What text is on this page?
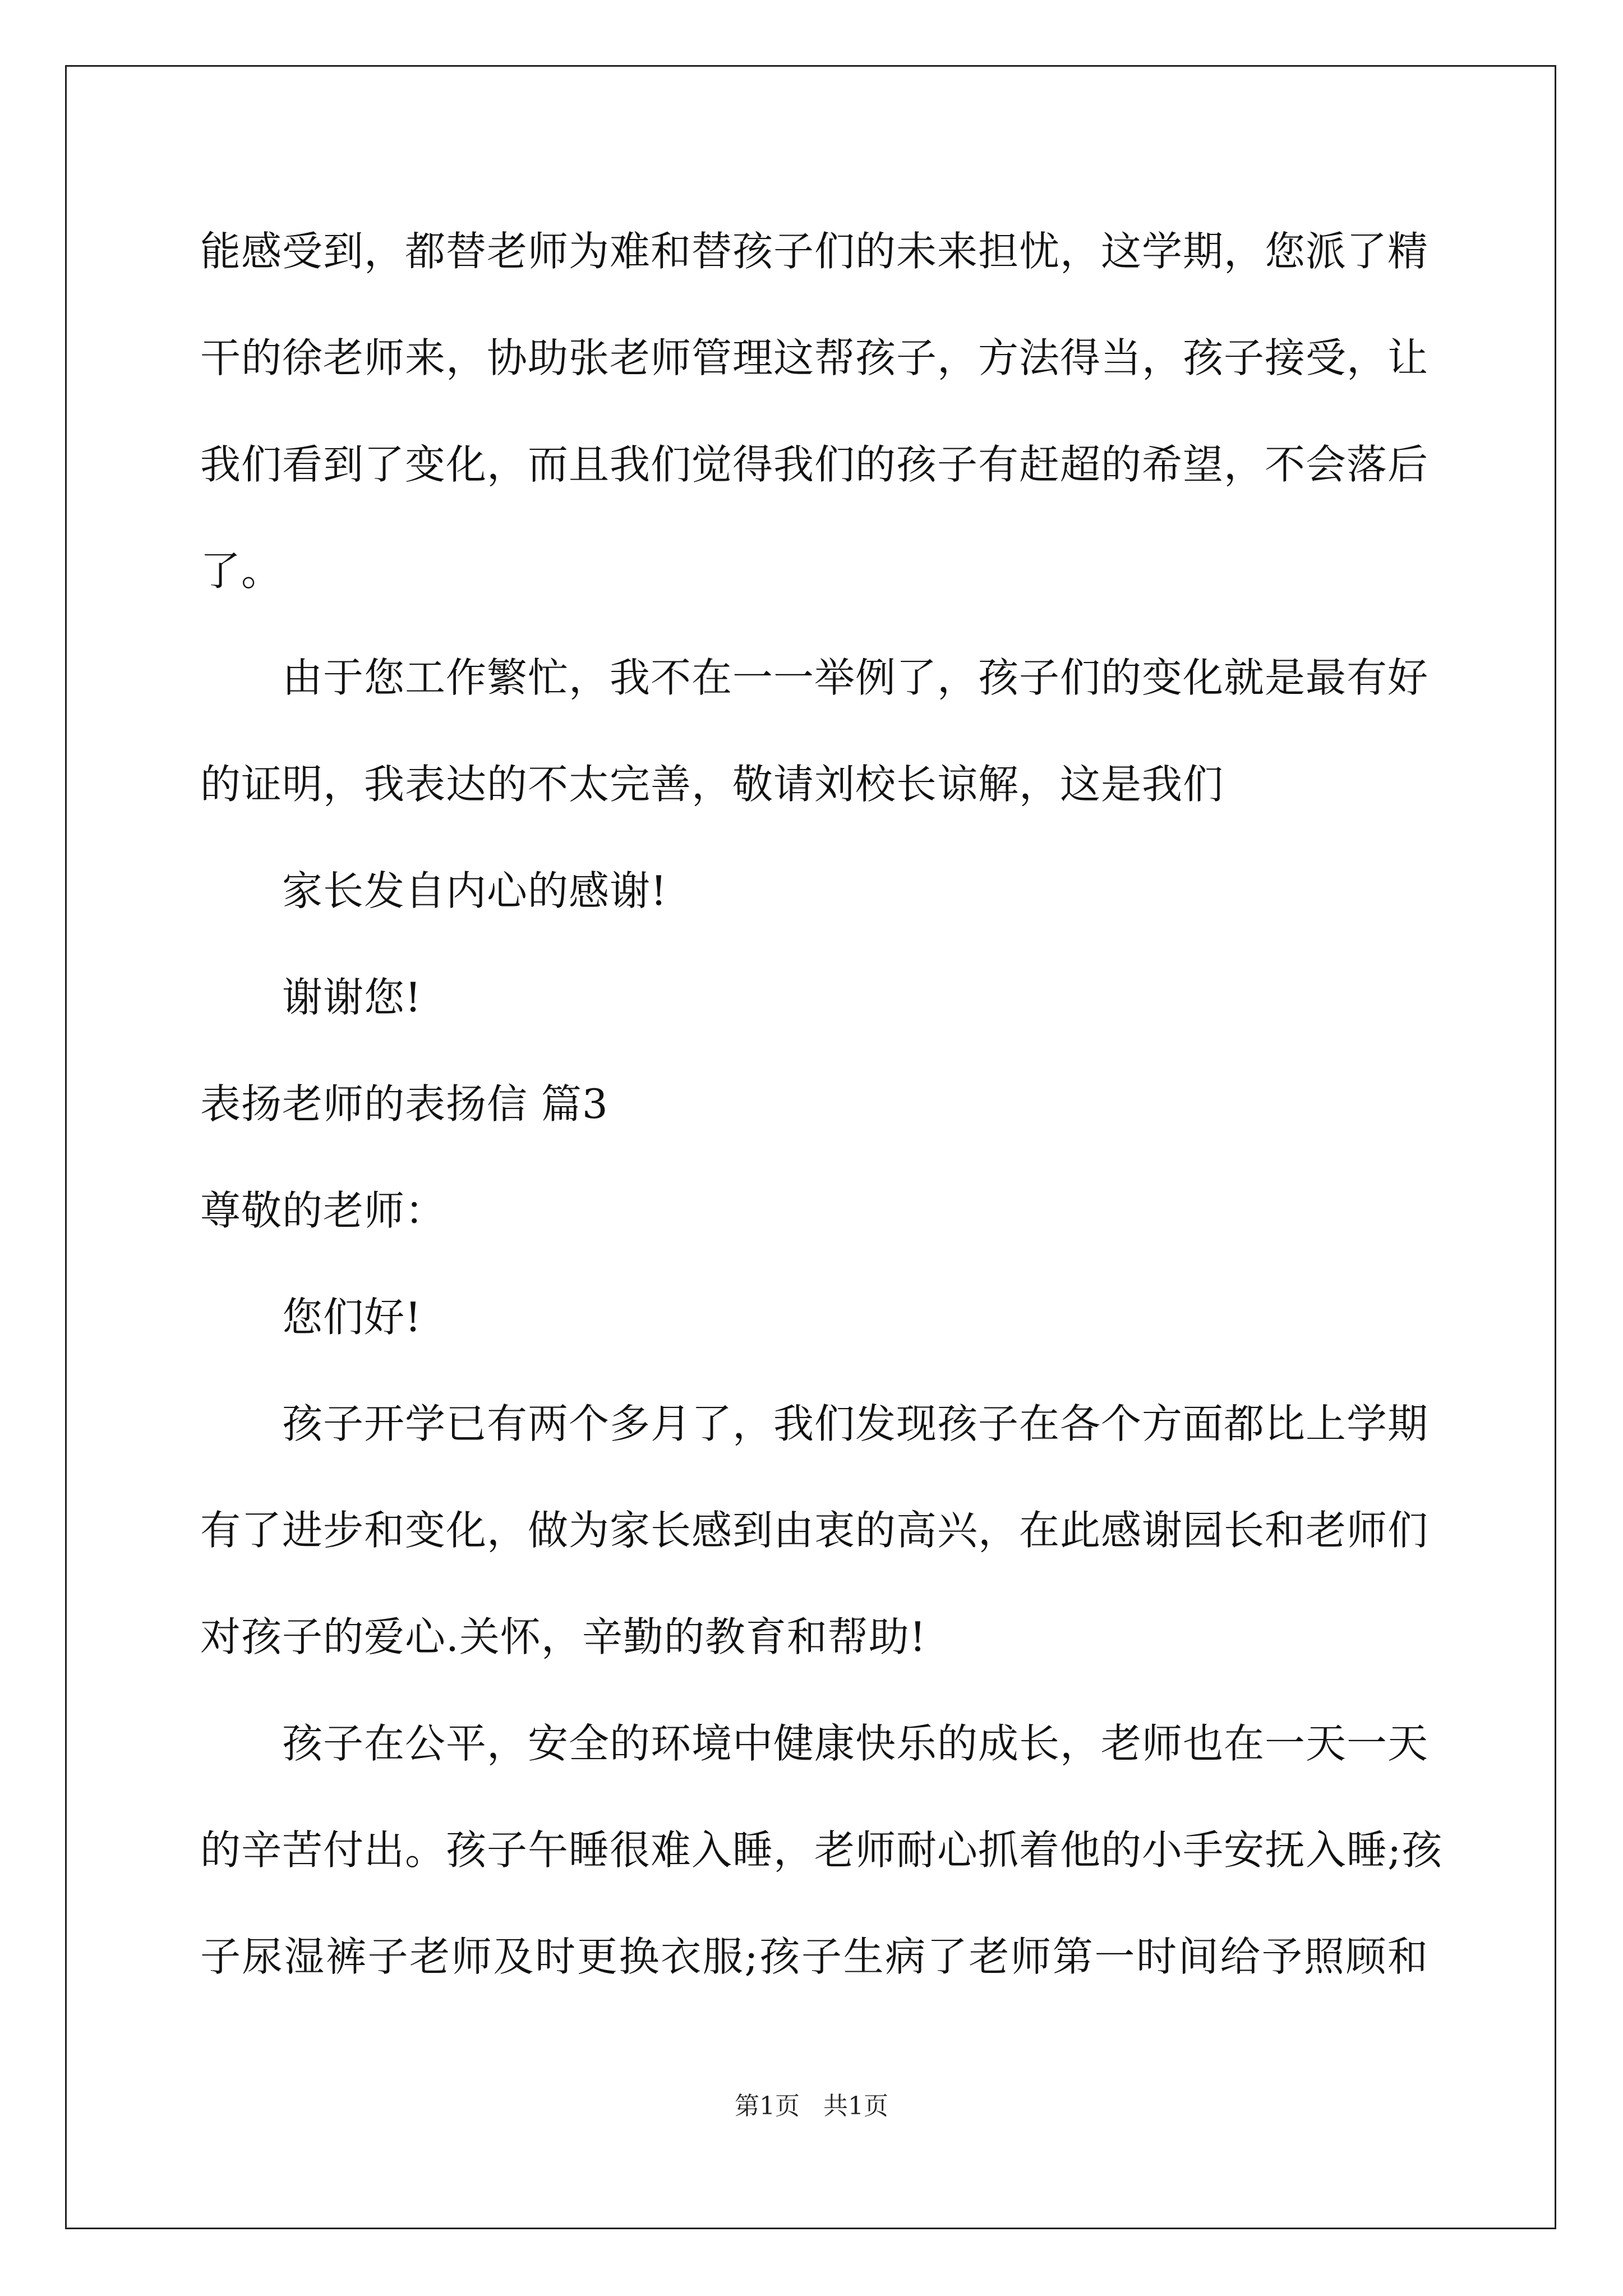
能感受到，都替老师为难和替孩子们的未来担忧，这学期，您派了精
干的徐老师来，协助张老师管理这帮孩子，方法得当，孩子接受，让
我们看到了变化，而且我们觉得我们的孩子有赶超的希望，不会落后
了。
由于您工作繁忙，我不在一一举例了，孩子们的变化就是最有好
的证明，我表达的不太完善，敬请刘校长谅解，这是我们
家长发自内心的感谢!
谢谢您!
表扬老师的表扬信 篇3
尊敬的老师：
您们好!
孩子开学已有两个多月了，我们发现孩子在各个方面都比上学期
有了进步和变化，做为家长感到由衷的高兴，在此感谢园长和老师们
对孩子的爱心.关怀，辛勤的教育和帮助!
孩子在公平，安全的环境中健康快乐的成长，老师也在一天一天
的辛苦付出。孩子午睡很难入睡，老师耐心抓着他的小手安抚入睡;孩
子尿湿裤子老师及时更换衣服;孩子生病了老师第一时间给予照顾和
第1页 共1页
